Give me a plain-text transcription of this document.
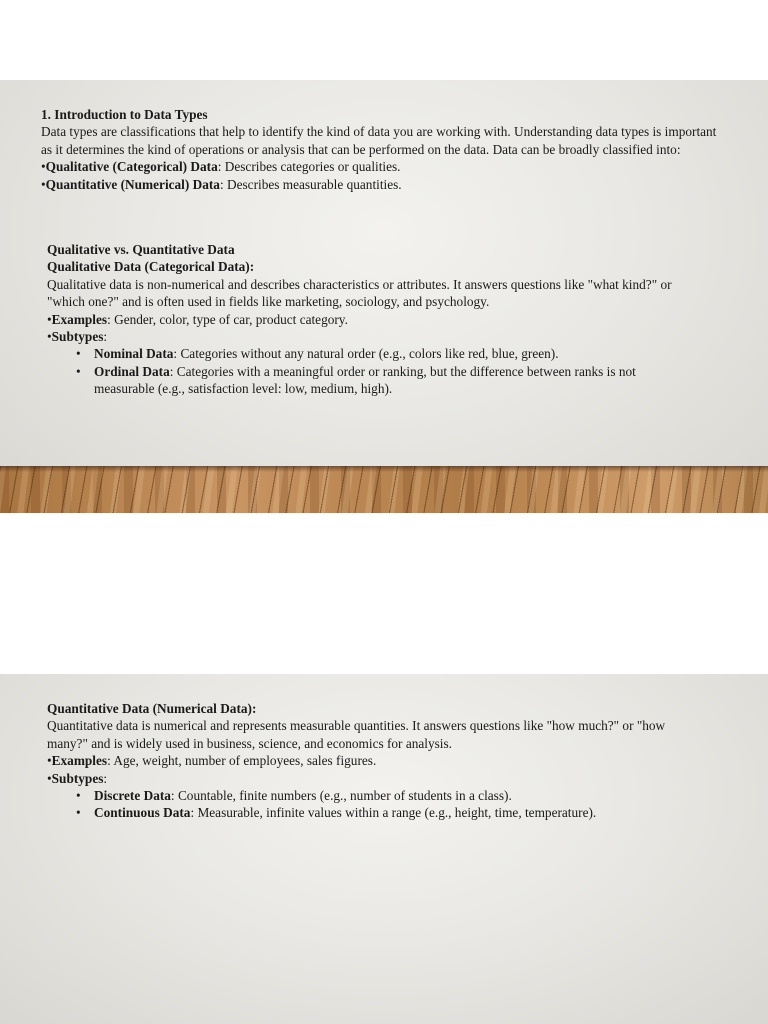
1. Introduction to Data Types

Data types are classifications that help to identify the kind of data you are working with. Understanding data types is important as it determines the kind of operations or analysis that can be performed on the data. Data can be broadly classified into:

•Qualitative (Categorical) Data: Describes categories or qualities.

•Quantitative (Numerical) Data: Describes measurable quantities.

Qualitative vs. Quantitative Data

Qualitative Data (Categorical Data):

Qualitative data is non-numerical and describes characteristics or attributes. It answers questions like "what kind?" or "which one?" and is often used in fields like marketing, sociology, and psychology.

•Examples: Gender, color, type of car, product category.

•Subtypes:

• Nominal Data: Categories without any natural order (e.g., colors like red, blue, green).
• Ordinal Data: Categories with a meaningful order or ranking, but the difference between ranks is not measurable (e.g., satisfaction level: low, medium, high).

Quantitative Data (Numerical Data):

Quantitative data is numerical and represents measurable quantities. It answers questions like "how much?" or "how many?" and is widely used in business, science, and economics for analysis.

•Examples: Age, weight, number of employees, sales figures.

•Subtypes:

• Discrete Data: Countable, finite numbers (e.g., number of students in a class).
• Continuous Data: Measurable, infinite values within a range (e.g., height, time, temperature).
